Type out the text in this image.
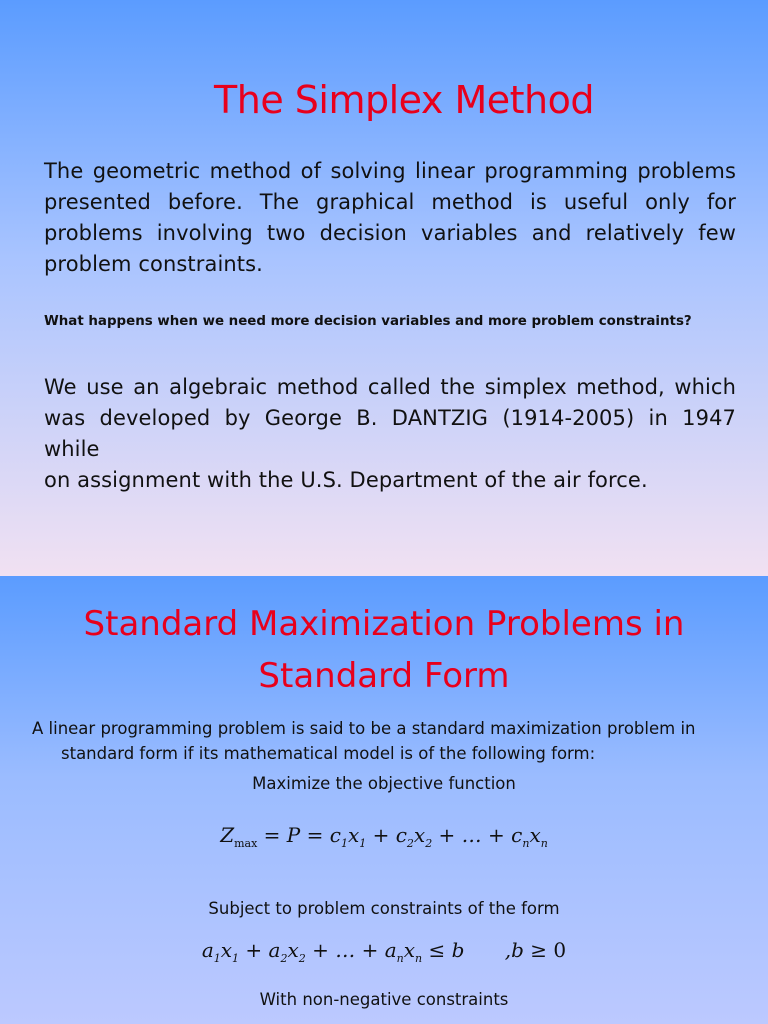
The Simplex Method
The geometric method of solving linear programming problems
presented before. The graphical method is useful only for
problems involving two decision variables and relatively few
problem constraints.

What happens when we need more decision variables and more problem constraints?

We use an algebraic method called the simplex method, which
was developed by George B. DANTZIG (1914-2005) in 1947 while
on assignment with the U.S. Department of the air force.
Standard Maximization Problems in
Standard Form

A linear programming problem is said to be a standard maximization problem in
standard form if its mathematical model is of the following form:

Maximize the objective function

$Z_{max} = P = c_1x_1 + c_2x_2$ + … + $c_nx_n$

Subject to problem constraints of the form

$a_1x_1 + a_2x_2$ + … + $a_nx_n \le b$ ,b ≥ 0

With non-negative constraints
